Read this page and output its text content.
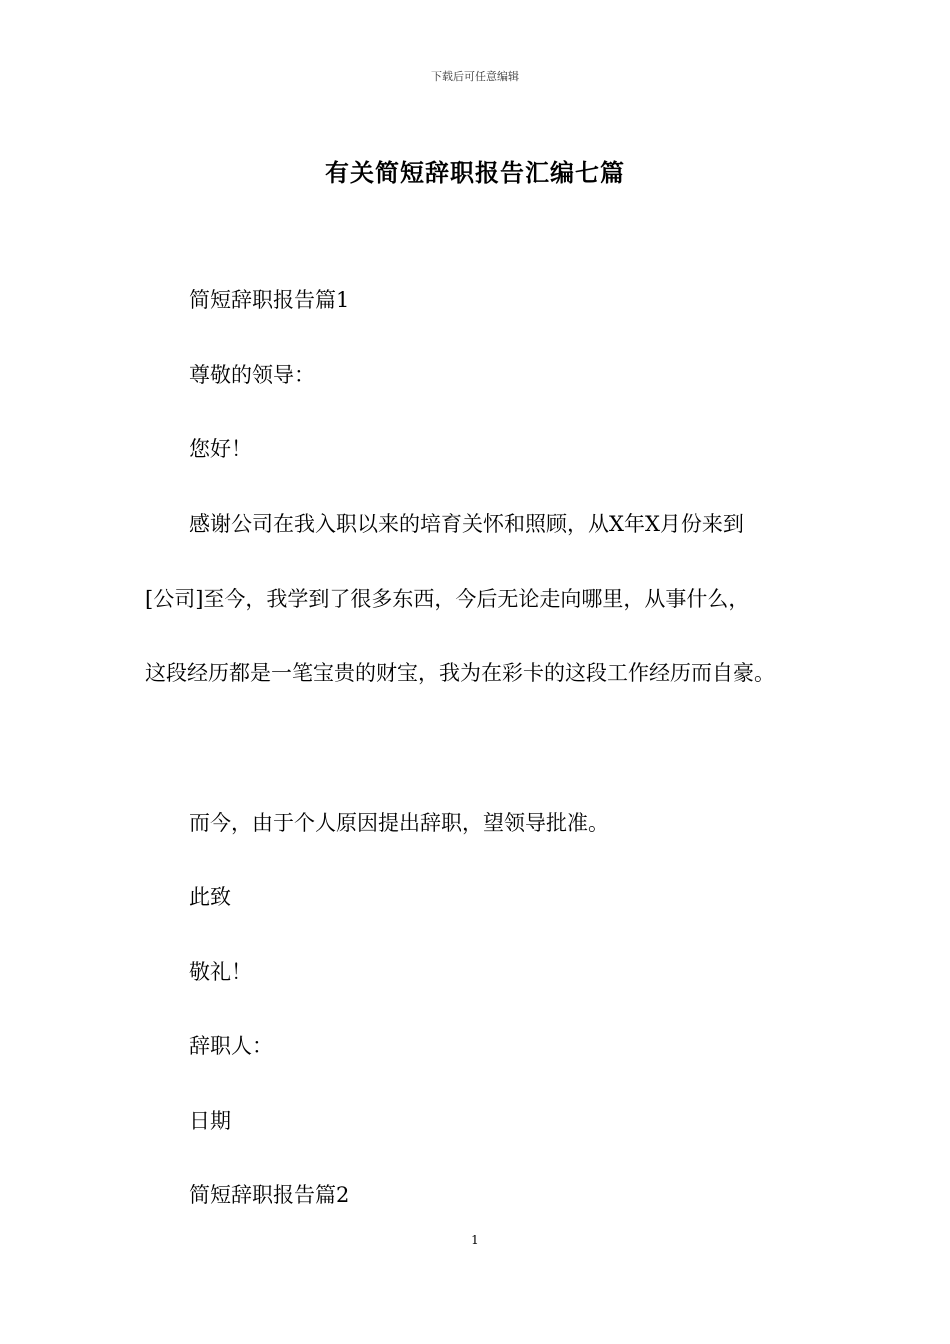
下载后可任意编辑
有关简短辞职报告汇编七篇
简短辞职报告篇1
尊敬的领导：
您好！
感谢公司在我入职以来的培育关怀和照顾，从X年X月份来到
[公司]至今，我学到了很多东西，今后无论走向哪里，从事什么，
这段经历都是一笔宝贵的财宝，我为在彩卡的这段工作经历而自豪。
而今，由于个人原因提出辞职，望领导批准。
此致
敬礼！
辞职人：
日期
简短辞职报告篇2
1
